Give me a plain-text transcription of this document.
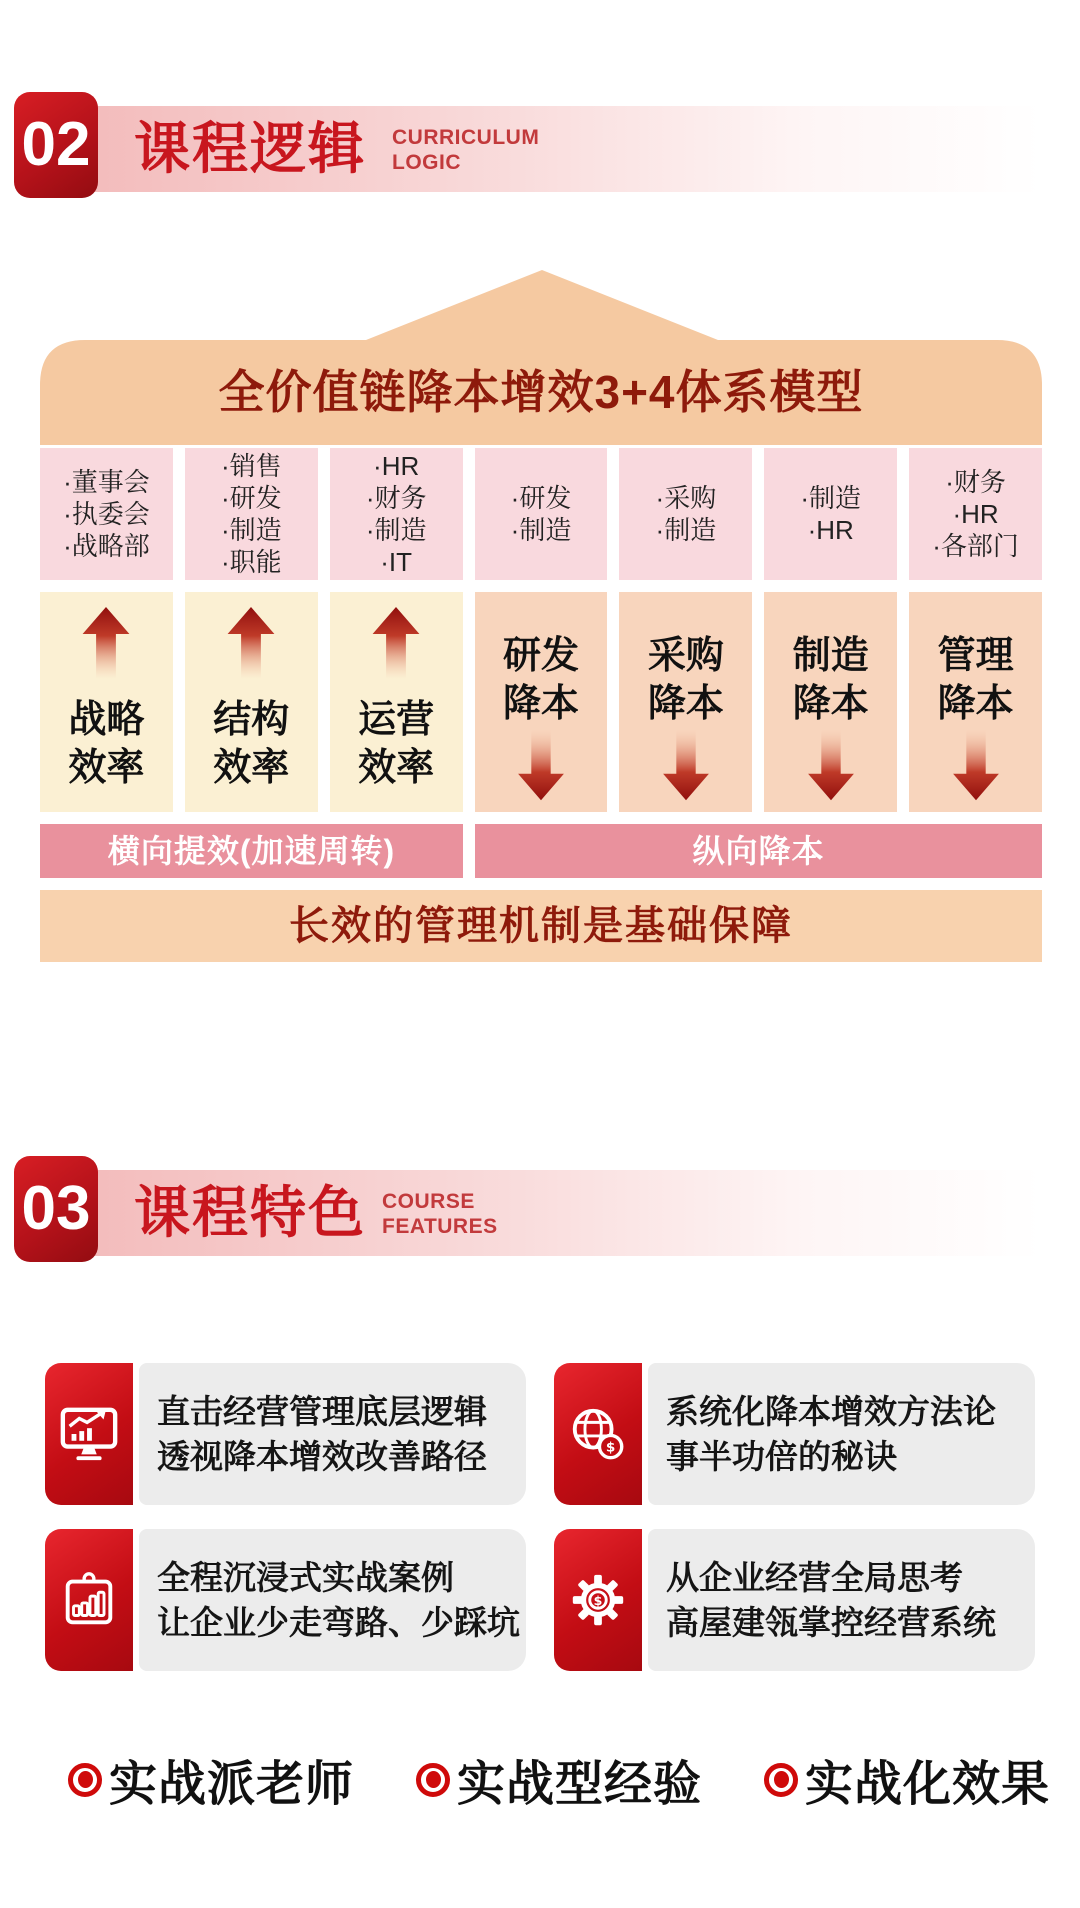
02 课程逻辑 CURRICULUM
LOGIC
全价值链降本增效3+4体系模型
·董事会
·执委会
·战略部
·销售
·研发
·制造
·职能
·HR
·财务
·制造
·IT
·研发
·制造
·采购
·制造
·制造
·HR
·财务
·HR
·各部门
战略效率
结构效率
运营效率
研发降本
采购降本
制造降本
管理降本
横向提效(加速周转)	纵向降本
长效的管理机制是基础保障
03 课程特色 COURSE
FEATURES
直击经营管理底层逻辑
透视降本增效改善路径	$
系统化降本增效方法论
事半功倍的秘诀
全程沉浸式实战案例
让企业少走弯路、少踩坑
$
从企业经营全局思考
高屋建瓴掌控经营系统
实战派老师 实战型经验 实战化效果
